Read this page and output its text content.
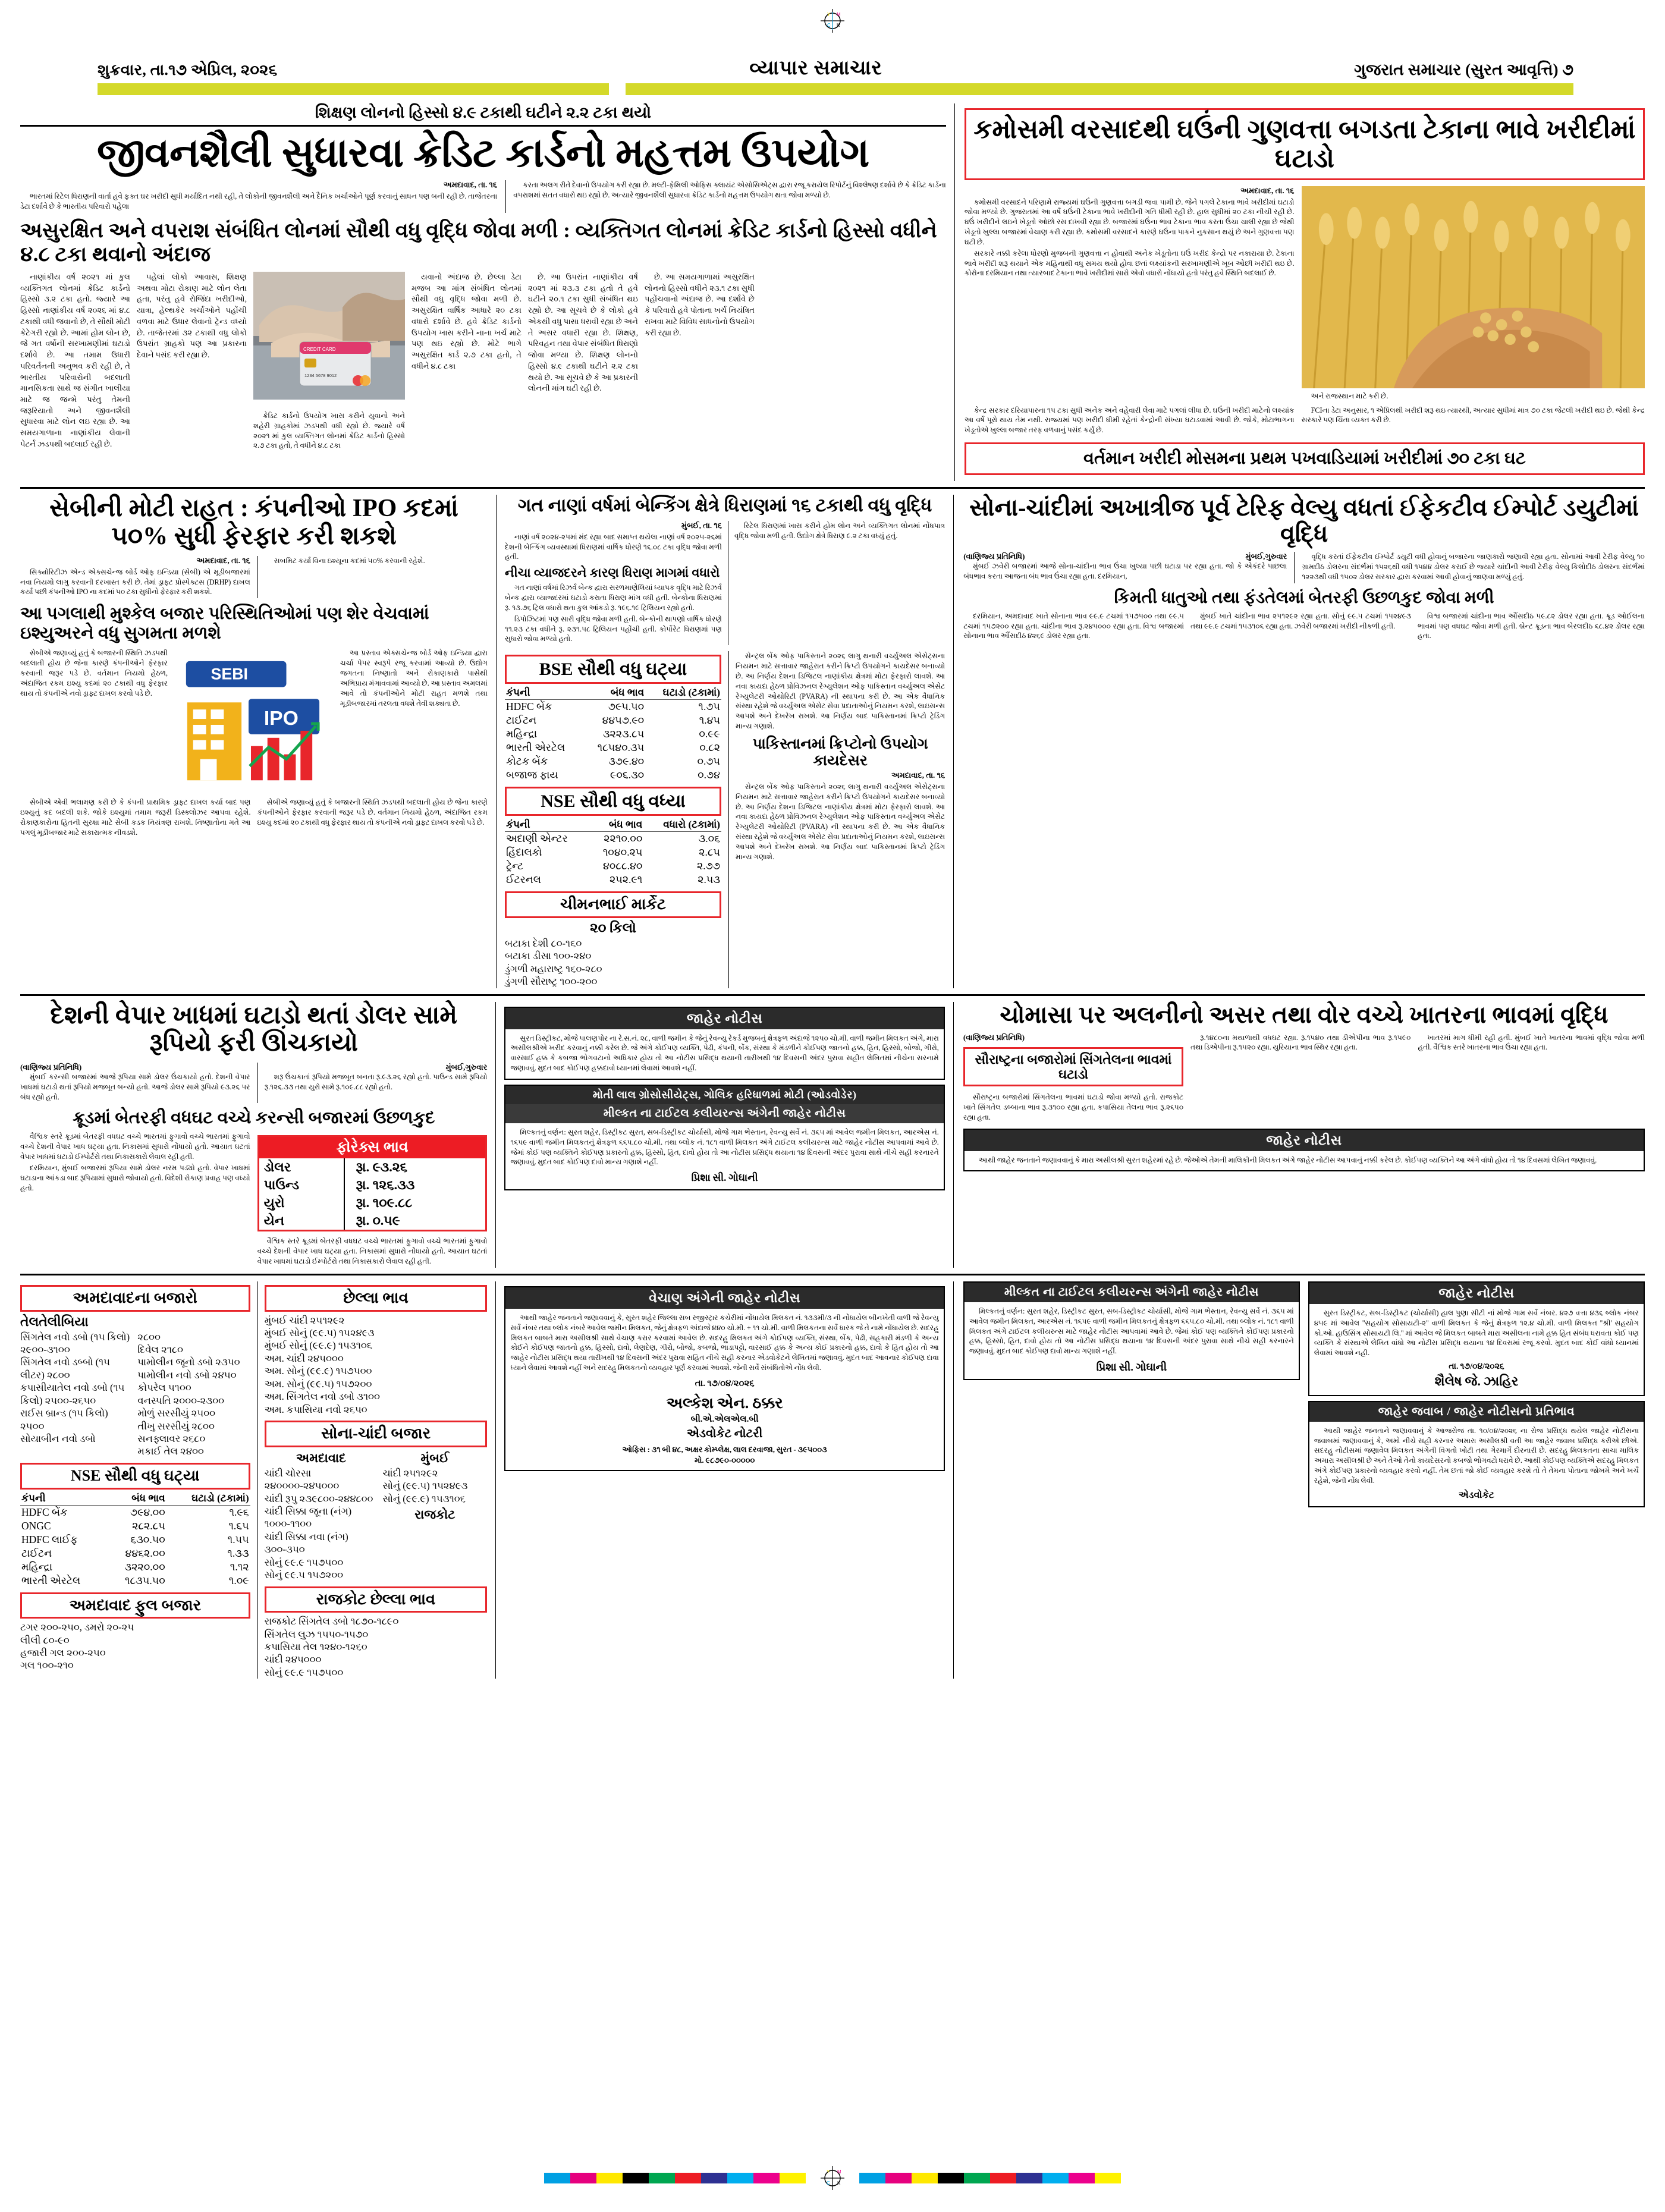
Y
C
M
K
શુક્રવાર, તા.૧૭ એપ્રિલ, ૨૦૨૬	વ્યાપાર સમાચાર	ગુજરાત સમાચાર (સુરત આવૃત્તિ) ૭
શિક્ષણ લોનનો હિસ્સો ૪.૯ ટકાથી ઘટીને ૨.૨ ટકા થયો
જીવનશૈલી સુધારવા ક્રેડિટ કાર્ડનો મહત્તમ ઉપયોગ
અમદાવાદ, તા. ૧૬

ભારતમાં રિટેલ ધિરાણની વાર્તા હવે ફક્ત ઘર ખરીદી સુધી મર્યાદિત નથી રહી, તે લોકોની જીવનશૈલી અને દૈનિક ખર્ચાઓને પૂર્ણ કરવાનું સાધન પણ બની રહી છે. તાજેતરના ડેટા દર્શાવે છે કે ભારતીય પરિવારો પહેલા

કરતા અલગ રીતે દેવાનો ઉપયોગ કરી રહ્યા છે. મલ્ટી-ફેમિલી ઓફિસ ક્લાયંટ એસોસિએટ્સ દ્વારા રજૂ કરાયેલ રિપોર્ટનું વિશ્લેષણ દર્શાવે છે કે ક્રેડિટ કાર્ડના વપરાશમાં સતત વધારો થઇ રહ્યો છે. અત્યારે જીવનશૈલી સુધારવા ક્રેડિટ કાર્ડનો મહત્તમ ઉપયોગ થતા જોવા મળ્યો છે.

અસુરક્ષિત અને વપરાશ સંબંધિત લોનમાં સૌથી વધુ વૃદ્ધિ જોવા મળી : વ્યક્તિગત લોનમાં ક્રેડિટ કાર્ડનો હિસ્સો વધીને ૪.૮ ટકા થવાનો અંદાજ

નાણાંકીય વર્ષ ૨૦૨૧ માં કુલ વ્યક્તિગત લોનમાં ક્રેડિટ કાર્ડનો હિસ્સો ૩.૨ ટકા હતો. જ્યારે આ હિસ્સો નાણાંકીય વર્ષ ૨૦૨૬ માં ૪.૮ ટકાથી વધી જવાનો છે, તે સૌથી મોટી કેટેગરી રહ્યો છે. આમાં હોમ લોન છે, જે ગત વર્ષોની સરખામણીમાં ઘટાડો દર્શાવે છે. આ તમામ ઉધારી પરિવર્તનની અનુભવ કરી રહી છે, તે ભારતીય પરિવારોની બદલાતી માનસિકતા સાથે જ સંગીત ખાલીયા માટે જ જન્મે પરંતુ તેમની જરૂરિયાતો અને જીવનશૈલી સુધારવા માટે લોન લઇ રહ્યા છે. આ સમયગાળાના નાણાંકીય લેવાની પેટર્ન ઝડપથી બદલાઈ રહી છે.

પહેલાં લોકો આવાસ, શિક્ષણ અથવા મોટા રોકાણ માટે લોન લેતા હતા, પરંતુ હવે રોજિંદા ખરીદીઓ, યાત્રા, હેલ્થકેર ખર્ચાઓને પહોંચી વળવા માટે ઉધાર લેવાનો ટ્રેન્ડ વધ્યો છે. તાજેતરમાં ૩૨ ટકાથી વધુ લોકો ઉપરાંત ગ્રાહકો પણ આ પ્રકારના દેવાને પસંદ કરી રહ્યા છે.

CREDIT CARD
1234 5678 9012

ક્રેડિટ કાર્ડનો ઉપયોગ ખાસ કરીને યુવાનો અને શહેરી ગ્રાહકોમાં ઝડપથી વધી રહ્યો છે. જ્યારે વર્ષ ૨૦૨૧ માં કુલ વ્યક્તિગત લોનમાં ક્રેડિટ કાર્ડનો હિસ્સો ૨.૭ ટકા હતો, તે વધીને ૪.૮ ટકા

યવાનો અંદાજ છે. છેલ્લા ડેટા મજબ આ માંગ સંબંધિત લોનમાં સૌથી વધુ વૃદ્ધિ જોવા મળી છે. અસુરક્ષિત વાર્ષિક આધારે ૨૦ ટકા વધારો દર્શાવે છે. હવે ક્રેડિટ કાર્ડનો ઉપયોગ ખાસ કરીને નાના ખર્ચ માટે પણ થઇ રહ્યો છે. મોટે ભાગે અસુરક્ષિત કાર્ડ ૨.૭ ટકા હતો, તે વધીને ૪.૮ ટકા

છે. આ ઉપરાંત નાણાંકીય વર્ષ ૨૦૨૧ માં ૨૩.૩ ટકા હતો તે હવે ઘટીને ૨૦.૧ ટકા સુધી સંબંધિત થઇ રહ્યો છે. આ સૂચવે છે કે લોકો હવે એકથી વધુ પાસા ધરાવી રહ્યા છે અને તે અસર વધારી રહ્યા છે. શિક્ષણ, પરિવહન તથા વેપાર સંબંધિત ધિરાણો જોવા મળ્યા છે. શિક્ષણ લોનનો હિસ્સો ૪.૯ ટકાથી ઘટીને ૨.૨ ટકા થયો છે. આ સૂચવે છે કે આ પ્રકારની લોનની માંગ ઘટી રહી છે.

છે. આ સમયગાળામાં અસુરક્ષિત લોનનો હિસ્સો વધીને ૨૩.૧ ટકા સુધી પહોંચવાનો અંદાજ છે. આ દર્શાવે છે કે પરિવારો હવે પોતાના ખર્ચ નિયંત્રિત રાખવા માટે વિવિધ સાધનોનો ઉપયોગ કરી રહ્યા છે.

કમોસમી વરસાદથી ઘઉંની ગુણવત્તા બગડતા ટેકાના ભાવે ખરીદીમાં ઘટાડો
અમદાવાદ, તા. ૧૬

કમોસમી વરસાદને પરિણામે રાજ્યમાં ઘઉંની ગુણવત્તા બગડી જવા પામી છે. જેને પગલે ટેકાના ભાવે ખરીદીમાં ઘટાડો જોવા મળ્યો છે. ગુજરાતમાં આ વર્ષે ઘઉંની ટેકાના ભાવે ખરીદીની ગતિ ધીમી રહી છે. હાલ સુધીમાં ૨૦ ટકા નીચી રહી છે. ઘઉં ખરીદીને લઇને ખેડૂતો ઓછો રસ દાખવી રહ્યા છે. બજારમાં ઘઉંના ભાવ ટેકાના ભાવ કરતા ઉંચા ચાલી રહ્યા છે જેથી ખેડૂતો ખુલ્લા બજારમાં વેચાણ કરી રહ્યા છે. કમોસમી વરસાદને કારણે ઘઉંના પાકને નુકસાન થયું છે અને ગુણવત્તા પણ ઘટી છે.

સરકારે નક્કી કરેલા ધોરણો મુજબની ગુણવત્તા ન હોવાથી અનેક ખેડૂતોના ઘઉં ખરીદ કેન્દ્રો પર નકારાયા છે. ટેકાના ભાવે ખરીદી શરૂ થયાને એક મહિનાથી વધુ સમય થયો હોવા છતાં લક્ષ્યાંકની સરખામણીએ ખૂબ ઓછી ખરીદી થઇ છે. કોરોના દરમિયાન તથા ત્યારબાદ ટેકાના ભાવે ખરીદીમાં સારો એવો વધારો નોંધાયો હતો પરંતુ હવે સ્થિતિ બદલાઈ છે.

અને રાજસ્થાન માટે કરી છે.

કેન્દ્ર સરકાર દરિયાપારના ૧૫ ટકા સુધી અનેક અને વહેવારી લેવા માટે પગલાં લીધા છે. ઘઉંની ખરીદી માટેનો લક્ષ્યાંક આ વર્ષે પૂરો થાય તેમ નથી. રાજ્યમાં પણ ખરીદી ધીમી રહેતાં કેન્દ્રોની સંખ્યા ઘટાડવામાં આવી છે. જોકે, મોટાભાગના ખેડૂતોએ ખુલ્લા બજાર તરફ વળવાનું પસંદ કર્યું છે.

FCIના ડેટા અનુસાર, ૧ એપ્રિલથી ખરીદી શરૂ થઇ ત્યારથી, અત્યાર સુધીમાં માત્ર ૭૦ ટકા જેટલી ખરીદી થઇ છે. જેથી કેન્દ્ર સરકારે પણ ચિંતા વ્યક્ત કરી છે.

વર્તમાન ખરીદી મોસમના પ્રથમ પખવાડિયામાં ખરીદીમાં ૭૦ ટકા ઘટ
સેબીની મોટી રાહત : કંપનીઓ IPO કદમાં ૫૦% સુધી ફેરફાર કરી શકશે
અમદાવાદ, તા. ૧૬

સિક્યોરિટીઝ એન્ડ એક્સચેન્જ બોર્ડ ઓફ ઇન્ડિયા (સેબી) એ મૂડીબજારમાં નવા નિયમો લાગુ કરવાની દરખાસ્ત કરી છે. તેમાં ડ્રાફ્ટ પ્રોસ્પેક્ટસ (DRHP) દાખલ કર્યા પછી કંપનીઓ IPO ના કદમાં ૫૦ ટકા સુધીનો ફેરફાર કરી શકશે.

સબમિટ કર્યા વિના ઇશ્યૂના કદમાં ૫૦% કરવાની રહેશે.

આ પગલાથી મુશ્કેલ બજાર પરિસ્થિતિઓમાં પણ શેર વેચવામાં ઇશ્યુઅરને વધુ સુગમતા મળશે

સેબીએ જણાવ્યું હતું કે બજારની સ્થિતિ ઝડપથી બદલાતી હોય છે જેના કારણે કંપનીઓને ફેરફાર કરવાની જરૂર પડે છે. વર્તમાન નિયમો હેઠળ, અંદાજિત રકમ ઇશ્યુ કદમાં ૨૦ ટકાથી વધુ ફેરફાર થાય તો કંપનીએ નવો ડ્રાફ્ટ દાખલ કરવો પડે છે.

SEBI
IPO

આ પ્રસ્તાવ એક્સચેન્જ બોર્ડ ઓફ ઇન્ડિયા દ્વારા ચર્ચા પેપર સ્વરૂપે રજૂ કરવામાં આવ્યો છે. ઉદ્યોગ જગતના નિષ્ણાતો અને રોકાણકારો પાસેથી અભિપ્રાય મંગાવવામાં આવ્યો છે. આ પ્રસ્તાવ અમલમાં આવે તો કંપનીઓને મોટી રાહત મળશે તથા મૂડીબજારમાં તરલતા વધશે તેવી શક્યતા છે.

સેબીએ એવી ભલામણ કરી છે કે કંપની પ્રાથમિક ડ્રાફ્ટ દાખલ કર્યા બાદ પણ ઇશ્યુનું કદ બદલી શકે. જોકે ઇશ્યુમાં તમામ જરૂરી ડિસ્ક્લોઝર આપવા રહેશે. રોકાણકારોના હિતની સુરક્ષા માટે સેબી કડક નિયંત્રણ રાખશે. નિષ્ણાતોના મતે આ પગલું મૂડીબજાર માટે સકારાત્મક નીવડશે.

સેબીએ જણાવ્યું હતું કે બજારની સ્થિતિ ઝડપથી બદલાતી હોય છે જેના કારણે કંપનીઓને ફેરફાર કરવાની જરૂર પડે છે. વર્તમાન નિયમો હેઠળ, અંદાજિત રકમ ઇશ્યુ કદમાં ૨૦ ટકાથી વધુ ફેરફાર થાય તો કંપનીએ નવો ડ્રાફ્ટ દાખલ કરવો પડે છે.

ગત નાણાં વર્ષમાં બેન્કિંગ ક્ષેત્રે ધિરાણમાં ૧૬ ટકાથી વધુ વૃદ્ધિ
મુંબઈ, તા. ૧૬

નાણાં વર્ષ ૨૦૨૪-૨૫માં મંદ રહ્યા બાદ સમાપ્ત થયેલા નાણાં વર્ષ ૨૦૨૫-૨૬માં દેશની બેન્કિંગ વ્યવસ્થામાં ધિરાણમાં વાર્ષિક ધોરણે ૧૬.૦૮ ટકા વૃદ્ધિ જોવા મળી હતી.

નીચા વ્યાજદરને કારણ ધિરાણ માગમાં વધારો

ગત નાણાં વર્ષમાં રિઝર્વ બેન્ક દ્વારા સરળમાણેલિયાં ધ્યાપક વૃદ્ધિ માટે રિઝર્વ બેન્ક દ્વારા વ્યાજદરમાં ઘટાડો કરાતા ધિરાણ માંગ વધી હતી. બેન્કોના ધિરાણમાં રૂ. ૧૩.૭૬ ટ્રિલ વધારો થતા કુલ આંકડો રૂ. ૧૯૬.૧૯ ટ્રિલિયન રહ્યો હતો.

ડિપોઝિટમાં પણ સારી વૃદ્ધિ જોવા મળી હતી. બેન્કોની થાપણો વાર્ષિક ધોરણે ૧૧.૨૩ ટકા વધીને રૂ. ૨૩૧.૫૮ ટ્રિલિયન પહોંચી હતી. કોર્પોરેટ ધિરાણમાં પણ સુધારો જોવા મળ્યો હતો.

રિટેલ ધિરાણમાં ખાસ કરીને હોમ લોન અને વ્યક્તિગત લોનમાં નોંધપાત્ર વૃદ્ધિ જોવા મળી હતી. ઉદ્યોગ ક્ષેત્રે ધિરાણ ૯.૨ ટકા વધ્યું હતું.

BSE સૌથી વધુ ઘટ્યા
કંપની	બંધ ભાવ	ઘટાડો (ટકામાં)
HDFC બેંક	૭૯૫.૫૦	૧.૭૫
ટાઈટન	૪૪૫૭.૯૦	૧.૪૫
મહિન્દ્રા	૩૨૨૩.૮૫	૦.૯૯
ભારતી એરટેલ	૧૮૫૪૦.૩૫	૦.૮૨
કોટક બેંક	૩૭૯.૪૦	૦.૭૫
બજાજ ફાય	૯૦૬.૩૦	૦.૭૪
NSE સૌથી વધુ વધ્યા
કંપની	બંધ ભાવ	વધારો (ટકામાં)
અદાણી એન્ટર	૨૨૧૦.૦૦	૩.૦૬
હિંદાલકો	૧૦૪૦.૨૫	૨.૮૫
ટ્રેન્ટ	૪૦૮૮.૪૦	૨.૭૭
ઈટરનલ	૨૫૨.૯૧	૨.૫૩
ચીમનભાઈ માર્કેટ
૨૦ કિલો
બટાકા દેશી ૮૦-૧૬૦
બટાકા ડીસા ૧૦૦-૨૪૦
ડુંગળી મહારાષ્ટ્ર ૧૬૦-૨૮૦
ડુંગળી સૌરાષ્ટ્ર ૧૦૦-૨૦૦

સેન્ટ્રલ બેંક ઓફ પાકિસ્તાને ૨૦૨૬ લાગુ થનારી વર્ચ્યુઅલ એસેટ્સના નિયમન માટે સત્તાવાર જાહેરાત કરીને ક્રિપ્ટો ઉપયોગને કાયદેસર બનાવ્યો છે. આ નિર્ણય દેશના ડિજિટલ નાણાંકીય ક્ષેત્રમાં મોટા ફેરફારો લાવશે. આ નવા કાયદા હેઠળ પ્રોવિઝનલ રેગ્યુલેશન ઓફ પાકિસ્તાન વર્ચ્યુઅલ એસેટ રેગ્યુલેટરી ઓથોરિટી (PVARA) ની સ્થાપના કરી છે. આ એક વૈધાનિક સંસ્થા રહેશે જે વર્ચ્યુઅલ એસેટ સેવા પ્રદાતાઓનું નિયમન કરશે, લાઇસન્સ આપશે અને દેખરેખ રાખશે. આ નિર્ણય બાદ પાકિસ્તાનમાં ક્રિપ્ટો ટ્રેડિંગ માન્ય ગણાશે.

પાકિસ્તાનમાં ક્રિપ્ટોનો ઉપયોગ કાયદેસર
અમદાવાદ, તા. ૧૬

સેન્ટ્રલ બેંક ઓફ પાકિસ્તાને ૨૦૨૬ લાગુ થનારી વર્ચ્યુઅલ એસેટ્સના નિયમન માટે સત્તાવાર જાહેરાત કરીને ક્રિપ્ટો ઉપયોગને કાયદેસર બનાવ્યો છે. આ નિર્ણય દેશના ડિજિટલ નાણાંકીય ક્ષેત્રમાં મોટા ફેરફારો લાવશે. આ નવા કાયદા હેઠળ પ્રોવિઝનલ રેગ્યુલેશન ઓફ પાકિસ્તાન વર્ચ્યુઅલ એસેટ રેગ્યુલેટરી ઓથોરિટી (PVARA) ની સ્થાપના કરી છે. આ એક વૈધાનિક સંસ્થા રહેશે જે વર્ચ્યુઅલ એસેટ સેવા પ્રદાતાઓનું નિયમન કરશે, લાઇસન્સ આપશે અને દેખરેખ રાખશે. આ નિર્ણય બાદ પાકિસ્તાનમાં ક્રિપ્ટો ટ્રેડિંગ માન્ય ગણાશે.

સોના-ચાંદીમાં અખાત્રીજ પૂર્વ ટેરિફ વેલ્યુ વધતાં ઈફેકટીવ ઈમ્પોર્ટ ડયુટીમાં વૃદ્ધિ
(વાણિજ્ય પ્રતિનિધિ)	મુંબઈ,ગુરુવાર

મુંબઈ ઝવેરી બજારમાં આજે સોના-ચાંદીના ભાવ ઉંચા ખુલ્યા પછી ઘટાડા પર રહ્યા હતા. જો કે એકંદરે પાછલા બંધભાવ કરતા આજના બંધ ભાવ ઉંચા રહ્યા હતા. દરમિયાન,

વૃદ્ધિ કરતાં ઈફેકટીવ ઈમ્પોર્ટ ડયુટી વધી હોવાનું બજારના જાણકારો જણાવી રહ્યા હતા. સોનામાં આવી ટેરીફ વેલ્યુ ૧૦ ગ્રામદીઠ ડોલરના સંદર્ભમાં ૧૫૨૬થી વધી ૧૫૪૪ ડોલર કરાઈ છે જ્યારે ચાંદીની આવી ટેરીફ વેલ્યુ કિલોદીઠ ડોલરના સંદર્ભમાં ૧૨૨૩થી વધી ૧૫૦૨ ડોલર સરકાર દ્વારા કરવામાં આવી હોવાનું જાણવા મળ્યું હતું.

કિમતી ધાતુઓ તથા ફંડતેલમાં બેતરફી ઉછળકુદ જોવા મળી

દરમિયાન, અમદાવાદ ખાતે સોનાના ભાવ ૯૯.૯ ટચમાં ૧૫૭૫૦૦ તથા ૯૯.૫ ટચમાં ૧૫૭૨૦૦ રહ્યા હતા. ચાંદીના ભાવ રૂ.૨૪૫૦૦૦ રહ્યા હતા. વિશ્વ બજારમાં સોનાના ભાવ ઔંસદીઠ ૪૨૬૯ ડોલર રહ્યા હતા.

મુંબઈ ખાતે ચાંદીના ભાવ ૨૫૧૨૯૨ રહ્યા હતા. સોનું ૯૯.૫ ટચમાં ૧૫૨૪૯૩ તથા ૯૯.૯ ટચમાં ૧૫૩૧૦૬ રહ્યા હતા. ઝવેરી બજારમાં ખરીદી નીકળી હતી.

વિશ્વ બજારમાં ચાંદીના ભાવ ઔંસદીઠ ૫૯.૮૨ ડોલર રહ્યા હતા. ક્રૂડ ઓઈલના ભાવમાં પણ વધઘટ જોવા મળી હતી. બ્રેન્ટ ક્રૂડના ભાવ બેરલદીઠ ૬૮.૪૨ ડોલર રહ્યા હતા.

દેશની વેપાર ખાધમાં ઘટાડો થતાં ડોલર સામે રૂપિયો ફરી ઊંચકાયો
(વાણિજ્ય પ્રતિનિધિ)

મુંબઈ કરન્સી બજારમાં આજે રૂપિયા સામે ડોલર ઉંચકાયો હતો. દેશની વેપાર ખાધમાં ઘટાડો થતાં રૂપિયો મજબૂત બન્યો હતો. આજે ડોલર સામે રૂપિયો ૯૩.૨૬ પર બંધ રહ્યો હતો.

મુંબઈ,ગુરુવાર

શરૂ ઉંચકાતાં રૂપિયો મજબૂત બનતા રૂ.૯૩.૨૬ રહ્યો હતો. પાઉન્ડ સામે રૂપિયો રૂ.૧૨૬.૩૩ તથા યુરો સામે રૂ.૧૦૯.૮૮ રહ્યો હતો.

ક્રૂડમાં બેતરફી વધઘટ વચ્ચે કરન્સી બજારમાં ઉછળકુદ

વૈશ્વિક સ્તરે ક્રૂડમાં બેતરફી વધઘટ વચ્ચે ભારતમાં ફુગાવો વચ્ચે ભારતમાં ફુગાવો વચ્ચે દેશની વેપાર ખાધ ઘટ્યા હતા. નિકાસમાં સુધારો નોંધાયો હતો. આયાત ઘટતાં વેપાર ખાધમાં ઘટાડો ઈમ્પોર્ટરો તથા નિકાસકારો લેવાલ રહી હતી.

દરમિયાન, મુંબઈ બજારમાં રૂપિયા સામે ડોલર નરમ પડ્યો હતો. વેપાર ખાધમાં ઘટાડાના આંકડા બાદ રૂપિયામાં સુધારો જોવાયો હતો. વિદેશી રોકાણ પ્રવાહ પણ વધ્યો હતો.

ફોરેક્સ ભાવ
ડોલર	રૂા. ૯૩.૨૬
પાઉન્ડ	રૂા. ૧૨૬.૩૩
યુરો	રૂા. ૧૦૯.૮૮
યેન	રૂા. ૦.૫૯

વૈશ્વિક સ્તરે ક્રૂડમાં બેતરફી વધઘટ વચ્ચે ભારતમાં ફુગાવો વચ્ચે ભારતમાં ફુગાવો વચ્ચે દેશની વેપાર ખાધ ઘટ્યા હતા. નિકાસમાં સુધારો નોંધાયો હતો. આયાત ઘટતાં વેપાર ખાધમાં ઘટાડો ઈમ્પોર્ટરો તથા નિકાસકારો લેવાલ રહી હતી.

જાહેર નોટીસ

સુરત ડિસ્ટ્રીકટ, મોજે પાલણપોર ના રે.સ.નં. ૨૮, વાળી જમીન કે જેનું રેવન્યુ રેકર્ડ મુજબનું ક્ષેત્રફળ અંદાજે ૧૨૫૦ ચો.મી. વાળી જમીન મિલકત અંગે, મારા અસીલશ્રીએ ખરીદ કરવાનું નક્કી કરેલ છે. જે અંગે કોઈપણ વ્યક્તિ, પેઢી, કંપની, બેંક, સંસ્થા કે મંડળીને કોઈપણ જાતનો હક્ક, હિત, હિસ્સો, બોજો, ગીરો, વારસાઈ હક્ક કે કબજા ભોગવટાનો અધિકાર હોય તો આ નોટીસ પ્રસિદ્ધ થયાની તારીખથી ૧૪ દિવસની અંદર પુરાવા સહીત લેખિતમાં નીચેના સરનામે જણાવવું. મુદત બાદ કોઈપણ હક્કદાવો ધ્યાનમાં લેવામાં આવશે નહીં.

મોતી લાલ ગ્રોસોસીયેટ્સ, ગોલિક હરિધાળમાં મોટી (ઓડવોડેર)
મીલ્કત ના ટાઈટલ કલીયરન્સ અંગેની જાહેર નોટીસ

મિલ્કતનું વર્ણન: સુરત શહેર, ડિસ્ટ્રીકટ સુરત, સબ-ડિસ્ટ્રીકટ ચોર્યાસી, મોજે ગામ ભેસ્તાન, રેવન્યુ સર્વે નં. ૩૬૫ માં આવેલ જમીન મિલકત, આરએસ નં. ૧૬૫૯ વાળી જમીન મિલકતનું ક્ષેત્રફળ ૬૬૫.૮૦ ચો.મી. તથા બ્લોક નં. ૧૮૧ વાળી મિલકત અંગે ટાઈટલ કલીયરન્સ માટે જાહેર નોટીસ આપવામાં આવે છે. જેમાં કોઈ પણ વ્યક્તિને કોઈપણ પ્રકારનો હક્ક, હિસ્સો, હિત, દાવો હોય તો આ નોટીસ પ્રસિદ્ધ થયાના ૧૪ દિવસની અંદર પુરાવા સાથે નીચે સહી કરનારને જણાવવું. મુદત બાદ કોઈપણ દાવો માન્ય ગણાશે નહીં.

પ્રિશા સી. ગોઘાની
ચોમાસા પર અલનીનો અસર તથા વોર વચ્ચે ખાતરના ભાવમાં વૃદ્ધિ
(વાણિજ્ય પ્રતિનિધિ)
સૌરાષ્ટ્રના બજારોમાં સિંગતેલના ભાવમાં ઘટાડો

સૌરાષ્ટ્રના બજારોમાં સિંગતેલના ભાવમાં ઘટાડો જોવા મળ્યો હતો. રાજકોટ ખાતે સિંગતેલ ડબ્બાના ભાવ રૂ.૩૧૦૦ રહ્યા હતા. કપાસિયા તેલના ભાવ રૂ.૨૬૫૦ રહ્યા હતા.

રૂ.૧૪૮૦ના મથાળાથી વધઘટ રહ્યા. રૂ.૧૫૪૦ તથા ડીએપીના ભાવ રૂ.૧૫૯૦ તથા ડિએપીના રૂ.૧૫૨૦ રહ્યા. યુરિયાના ભાવ સ્થિર રહ્યા હતા.

ખાતરમાં માગ ધીમી રહી હતી. મુંબઈ ખાતે ખાતરના ભાવમાં વૃદ્ધિ જોવા મળી હતી. વૈશ્વિક સ્તરે ખાતરના ભાવ ઉંચા રહ્યા હતા.

જાહેર નોટીસ

આથી જાહેર જનતાને જણાવવાનું કે મારા અસીલશ્રી સુરત શહેરમાં રહે છે. જેઓએ તેમની માલિકીની મિલકત અંગે જાહેર નોટીસ આપવાનું નક્કી કરેલ છે. કોઈપણ વ્યક્તિને આ અંગે વાંધો હોય તો ૧૪ દિવસમાં લેખિત જણાવવું.

અમદાવાદના બજારો
તેલતેલીબિયા
સિંગતેલ નવો ડબો (૧૫ કિલો) ૨૯૦૦-૩૧૦૦
સિંગતેલ નવો ડબ્બો (૧૫ લીટર) ૨૮૦૦
કપાસીયાતેલ નવો ડબો (૧૫ કિલો) ૨૫૦૦-૨૬૫૦
રાઈસ બ્રાન્ડ (૧૫ કિલો) ૨૫૦૦
સોયાબીન નવો ડબો
૨૮૦૦
દિવેલ ૨૧૮૦
પામોલીન જૂનો ડબો ૨૩૫૦
પામોલીન નવો ડબો ૨૪૫૦
કોપરેલ ૫૧૦૦
વનસ્પતિ ૨૦૦૦-૨૩૦૦
મોળું સરસીયું ૨૫૦૦
તીખુ સરસીયું ૨૮૦૦
સનફ્લાવર ૨૬૮૦
મકાઈ તેલ ૨૪૦૦
NSE સૌથી વધુ ઘટ્યા
કંપની	બંધ ભાવ	ઘટાડો (ટકામાં)
HDFC બેંક	૭૯૪.૦૦	૧.૯૬
ONGC	૨૮૨.૮૫	૧.૬૫
HDFC લાઈફ	૬૩૦.૫૦	૧.૫૫
ટાઈટન	૪૪૬૨.૦૦	૧.૩૩
મહિન્દ્રા	૩૨૨૦.૦૦	૧.૧૨
ભારતી એરટેલ	૧૮૩૫.૫૦	૧.૦૯
અમદાવાદ ફુલ બજાર
ટગર ૨૦૦-૨૫૦, ડમરો ૨૦-૨૫
લીલી ૮૦-૯૦
હજારી ગલ ૨૦૦-૨૫૦
ગલ ૧૦૦-૨૧૦
છેલ્લા ભાવ
મુંબઈ ચાંદી ૨૫૧૨૯૨
મુંબઈ સોનું (૯૯.૫) ૧૫૨૪૯૩
મુંબઈ સોનું (૯૯.૯) ૧૫૩૧૦૬
અમ. ચાંદી ૨૪૫૦૦૦
અમ. સોનું (૯૯.૯) ૧૫૭૫૦૦
અમ. સોનું (૯૯.૫) ૧૫૭૨૦૦
અમ. સિંગતેલ નવો ડબો ૩૧૦૦
અમ. કપાસિયા નવો ૨૬૫૦
સોના-ચાંદી બજાર
અમદાવાદ
ચાંદી ચોરસા ૨૪૦૦૦૦-૨૪૫૦૦૦
ચાંદી રૂપુ ૨૩૯૮૦૦-૨૪૪૮૦૦
ચાંદી સિક્કા જૂના (નંગ) ૧૦૦૦-૧૧૦૦
ચાંદી સિક્કા નવા (નંગ) ૩૦૦-૩૫૦
સોનું ૯૯.૯ ૧૫૭૫૦૦
સોનું ૯૯.૫ ૧૫૭૨૦૦
મુંબઈ
ચાંદી ૨૫૧૨૯૨
સોનું (૯૯.૫) ૧૫૨૪૯૩
સોનું (૯૯.૯) ૧૫૩૧૦૬
રાજકોટ
રાજકોટ છેલ્લા ભાવ
રાજકોટ સિંગતેલ ડબો ૧૮૭૦-૧૮૯૦
સિંગતેલ લુઝ ૧૫૫૦-૧૫૭૦
કપાસિયા તેલ ૧૨૪૦-૧૨૬૦
ચાંદી ૨૪૫૦૦૦
સોનું ૯૯.૯ ૧૫૭૫૦૦
વેચાણ અંગેની જાહેર નોટીસ

આથી જાહેર જનતાને જણાવવાનું કે, સુરત શહેર જિલ્લા સબ રજીસ્ટ્રાર કચેરીમાં નોંધાયેલ મિલકત નં. ૧૩૩મી/૩ ની નોંધાયેલ બીનખેતી વાળી જે રેવન્યુ સર્વે નંબર તથા બ્લોક નંબરે આવેલ જમીન મિલકત, જેનું ક્ષેત્રફળ અંદાજે ૪૪૦ ચો.મી. + ૧૧ ચો.મી. વાળી મિલકતના સર્વે ધારક જે તે નામે નોંધાયેલ છે. સદરહુ મિલકત બાબતે મારા અસીલશ્રી સાથે વેચાણ કરાર કરવામાં આવેલ છે. સદરહુ મિલકત અંગે કોઈપણ વ્યક્તિ, સંસ્થા, બેંક, પેઢી, સહકારી મંડળી કે અન્ય કોઈને કોઈપણ જાતનો હક્ક, હિસ્સો, દાવો, લેણદેણ, ગીરો, બોજો, કબજો, ભાડાપટ્ટો, વારસાઈ હક્ક કે અન્ય કોઈ પ્રકારનો હક્ક, દાવો કે હિત હોય તો આ જાહેર નોટીસ પ્રસિદ્ધ થયા તારીખથી ૧૪ દિવસની અંદર પુરાવા સહિત નીચે સહી કરનાર એડવોકેટને લેખિતમાં જણાવવું. મુદત બાદ આવનાર કોઈપણ દાવા ધ્યાને લેવામાં આવશે નહીં અને સદરહુ મિલકતનો વ્યવહાર પૂર્ણ કરવામાં આવશે. જેની સર્વે સંબંધિતોએ નોંધ લેવી.

તા. ૧૭/૦૪/૨૦૨૬
અલ્કેશ એન. ઠક્કર
બી.એ.એલએલ.બી
એડવોકેટ નોટરી
ઓફિસ : ૩૧ બી ૪૮, અક્ષર કોમ્પ્લેક્ષ, લાલ દરવાજા, સુરત - ૩૯૫૦૦૩
મો. ૯૮૭૯૦-૦૦૦૦૦
મીલ્કત ના ટાઈટલ કલીયરન્સ અંગેની જાહેર નોટીસ

મિલ્કતનું વર્ણન: સુરત શહેર, ડિસ્ટ્રીકટ સુરત, સબ-ડિસ્ટ્રીકટ ચોર્યાસી, મોજે ગામ ભેસ્તાન, રેવન્યુ સર્વે નં. ૩૬૫ માં આવેલ જમીન મિલકત, આરએસ નં. ૧૬૫૯ વાળી જમીન મિલકતનું ક્ષેત્રફળ ૬૬૫.૮૦ ચો.મી. તથા બ્લોક નં. ૧૮૧ વાળી મિલકત અંગે ટાઈટલ કલીયરન્સ માટે જાહેર નોટીસ આપવામાં આવે છે. જેમાં કોઈ પણ વ્યક્તિને કોઈપણ પ્રકારનો હક્ક, હિસ્સો, હિત, દાવો હોય તો આ નોટીસ પ્રસિદ્ધ થયાના ૧૪ દિવસની અંદર પુરાવા સાથે નીચે સહી કરનારને જણાવવું. મુદત બાદ કોઈપણ દાવો માન્ય ગણાશે નહીં.

પ્રિશા સી. ગોઘાની
જાહેર નોટીસ

સુરત ડિસ્ટ્રીકટ, સબ-ડિસ્ટ્રીકટ (ચોર્યાસી) હાલ પુણા સીટી નાં મોજે ગામ સર્વે નંબર. ૪૨૭ વત્તા ૪૩૬ બ્લોક નંબર ૪૫૯ માં આવેલ ''સહયોગ સોસાયટી-૨'' વાળી મિલકત કે જેનું ક્ષેત્રફળ ૧૨.૪ ચો.મી. વાળી મિલકત ''શ્રી' સહયોગ કો.ઓ. હાઉસિંગ સોસાયટી લિ.'' માં આવેલ જે મિલકત બાબતે મારા અસીલના નામે હક્ક હિત સંબંધ ધરાવતા કોઈ પણ વ્યક્તિ કે સંસ્થાએ લેખિત વાંધો આ નોટીસ પ્રસિદ્ધ થયાના ૧૪ દિવસમાં રજૂ કરવો. મુદત બાદ કોઈ વાંધો ધ્યાનમાં લેવામાં આવશે નહી.

તા. ૧૭/૦૪/૨૦૨૬
શૈલેષ જે. ઝાહિર
જાહેર જવાબ / જાહેર નોટીસનો પ્રતિભાવ

આથી જાહેર જનતાને જણાવવાનું કે આજરોજ તા. ૧૦/૦૪/૨૦૨૬ ના રોજ પ્રસિદ્ધ થયેલ જાહેર નોટીસના જવાબમાં જણાવવાનું કે, અમો નીચે સહી કરનાર અમારા અસીલશ્રી વતી આ જાહેર જવાબ પ્રસિદ્ધ કરીએ છીએ. સદરહુ નોટીસમાં જણાવેલ મિલકત અંગેની વિગતો ખોટી તથા ગેરમાર્ગે દોરનારી છે. સદરહુ મિલકતના સાચા માલિક અમારા અસીલશ્રી છે અને તેઓ તેનો કાયદેસરનો કબજો ભોગવટો ધરાવે છે. આથી કોઈપણ વ્યક્તિએ સદરહુ મિલકત અંગે કોઈપણ પ્રકારનો વ્યવહાર કરવો નહીં. તેમ છતાં જો કોઈ વ્યવહાર કરશે તો તે તેમના પોતાના જોખમે અને ખર્ચે રહેશે, જેની નોંધ લેવી.

એડવોકેટ
Y
C
M
K
